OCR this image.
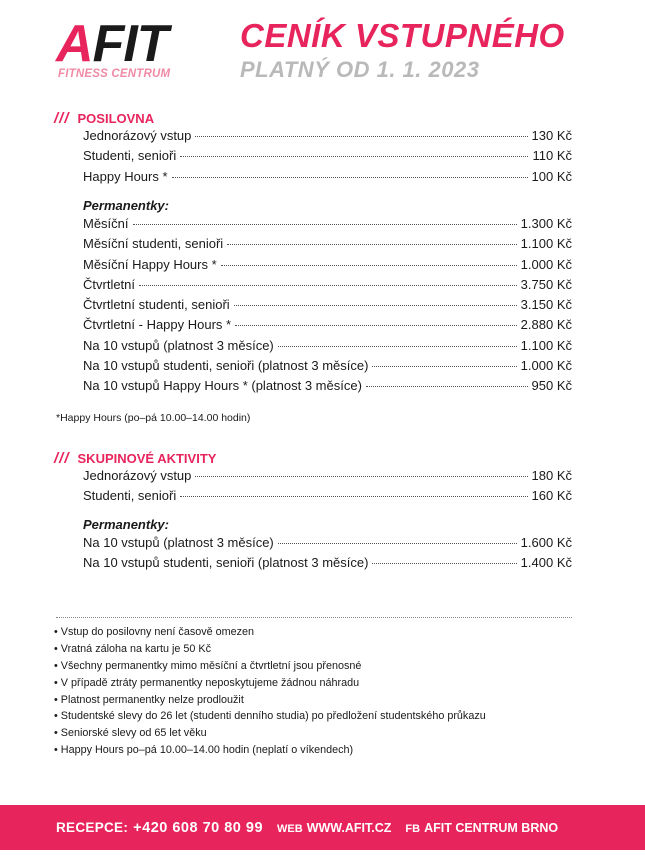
A FIT
FITNESS CENTRUM
CENÍK VSTUPNÉHO
PLATNÝ OD 1. 1. 2023
/// POSILOVNA
Jednorázový vstup	130 Kč
Studenti, senioři	110 Kč
Happy Hours *	100 Kč
Permanentky:
Měsíční	1.300 Kč
Měsíční studenti, senioři	1.100 Kč
Měsíční Happy Hours *	1.000 Kč
Čtvrtletní	3.750 Kč
Čtvrtletní studenti, senioři	3.150 Kč
Čtvrtletní - Happy Hours *	2.880 Kč
Na 10 vstupů (platnost 3 měsíce)	1.100 Kč
Na 10 vstupů studenti, senioři (platnost 3 měsíce)	1.000 Kč
Na 10 vstupů Happy Hours * (platnost 3 měsíce)	950 Kč
*Happy Hours (po–pá 10.00–14.00 hodin)
/// SKUPINOVÉ AKTIVITY
Jednorázový vstup	180 Kč
Studenti, senioři	160 Kč
Permanentky:
Na 10 vstupů (platnost 3 měsíce)	1.600 Kč
Na 10 vstupů studenti, senioři (platnost 3 měsíce)	1.400 Kč
• Vstup do posilovny není časově omezen
• Vratná záloha na kartu je 50 Kč
• Všechny permanentky mimo měsíční a čtvrtletní jsou přenosné
• V případě ztráty permanentky neposkytujeme žádnou náhradu
• Platnost permanentky nelze prodloužit
• Studentské slevy do 26 let (studenti denního studia) po předložení studentského průkazu
• Seniorské slevy od 65 let věku
• Happy Hours po–pá 10.00–14.00 hodin (neplatí o víkendech)
RECEPCE: +420 608 70 80 99 WEB WWW.AFIT.CZ FB AFIT CENTRUM BRNO
